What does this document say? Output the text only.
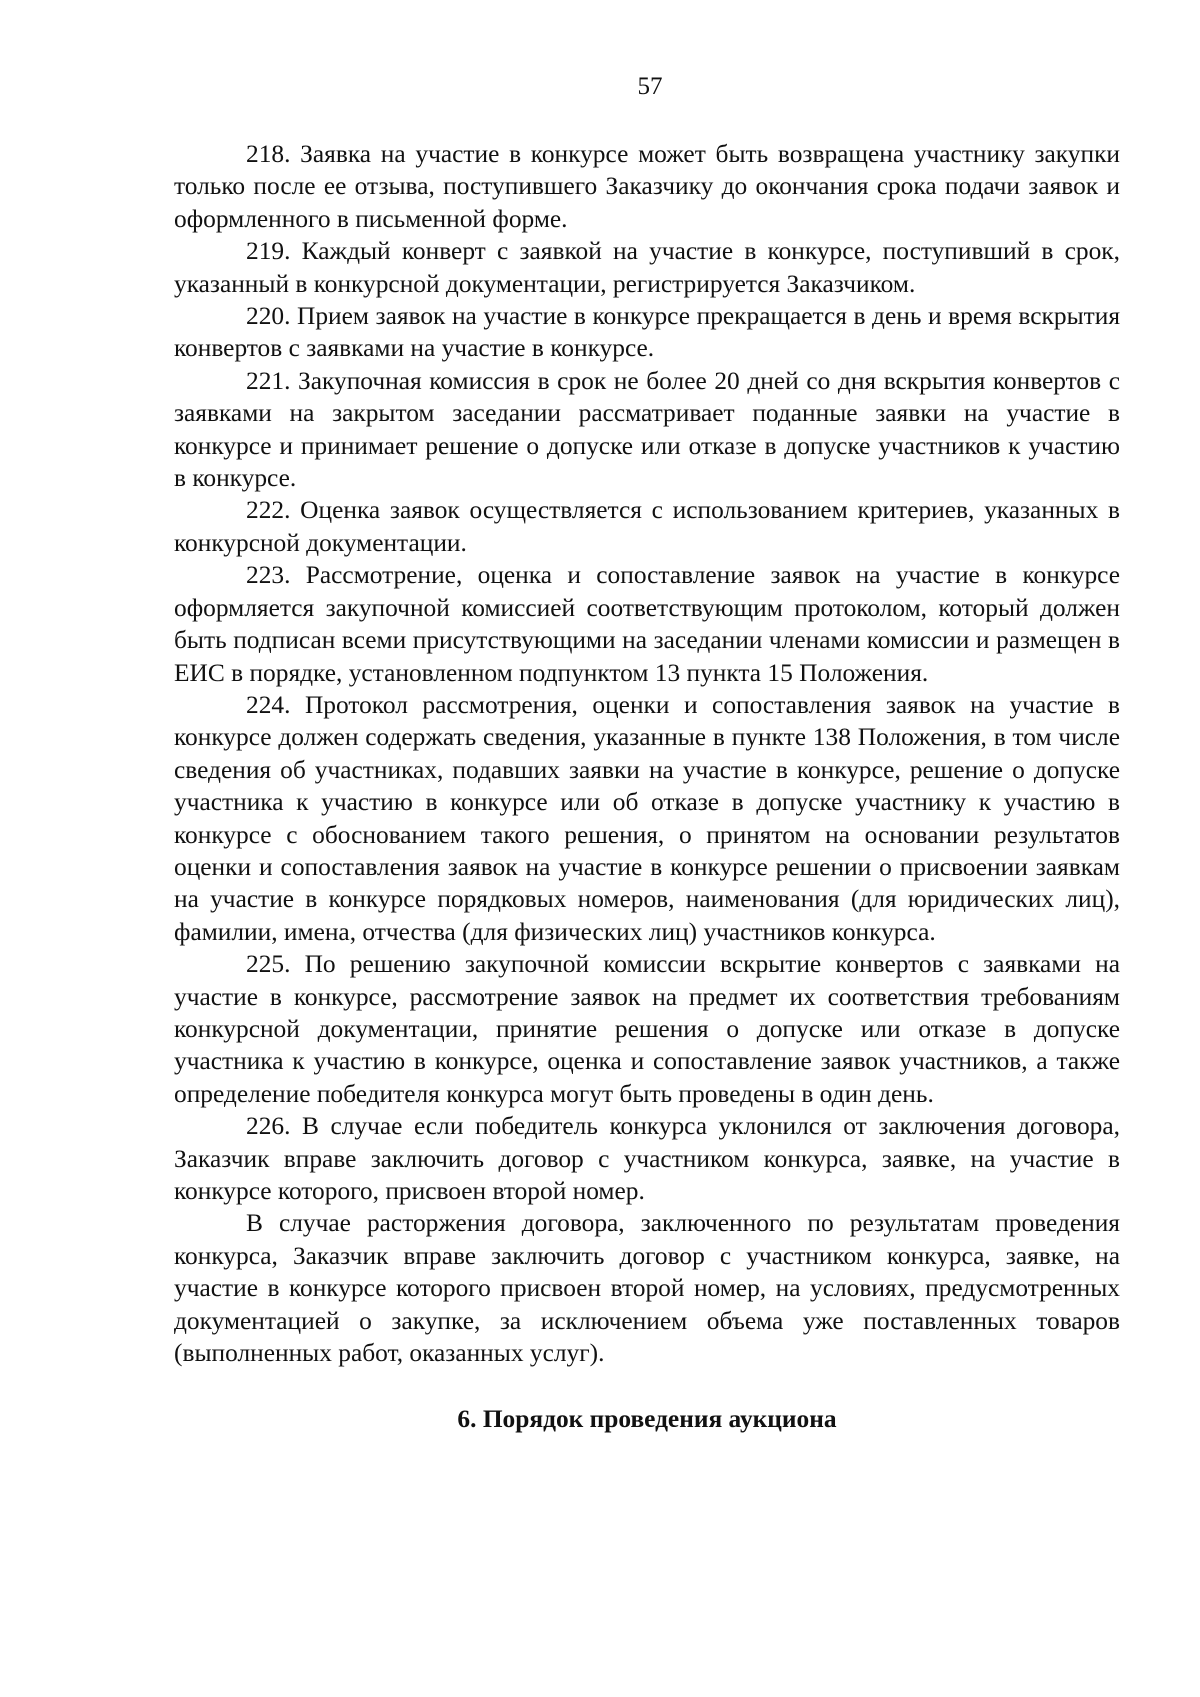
57

218. Заявка на участие в конкурсе может быть возвращена участнику закупки только после ее отзыва, поступившего Заказчику до окончания срока подачи заявок и оформленного в письменной форме.

219. Каждый конверт с заявкой на участие в конкурсе, поступивший в срок, указанный в конкурсной документации, регистрируется Заказчиком.

220. Прием заявок на участие в конкурсе прекращается в день и время вскрытия конвертов с заявками на участие в конкурсе.

221. Закупочная комиссия в срок не более 20 дней со дня вскрытия конвертов с заявками на закрытом заседании рассматривает поданные заявки на участие в конкурсе и принимает решение о допуске или отказе в допуске участников к участию в конкурсе.

222. Оценка заявок осуществляется с использованием критериев, указанных в конкурсной документации.

223. Рассмотрение, оценка и сопоставление заявок на участие в конкурсе оформляется закупочной комиссией соответствующим протоколом, который должен быть подписан всеми присутствующими на заседании членами комиссии и размещен в ЕИС в порядке, установленном подпунктом 13 пункта 15 Положения.

224. Протокол рассмотрения, оценки и сопоставления заявок на участие в конкурсе должен содержать сведения, указанные в пункте 138 Положения, в том числе сведения об участниках, подавших заявки на участие в конкурсе, решение о допуске участника к участию в конкурсе или об отказе в допуске участнику к участию в конкурсе с обоснованием такого решения, о принятом на основании результатов оценки и сопоставления заявок на участие в конкурсе решении о присвоении заявкам на участие в конкурсе порядковых номеров, наименования (для юридических лиц), фамилии, имена, отчества (для физических лиц) участников конкурса.

225. По решению закупочной комиссии вскрытие конвертов с заявками на участие в конкурсе, рассмотрение заявок на предмет их соответствия требованиям конкурсной документации, принятие решения о допуске или отказе в допуске участника к участию в конкурсе, оценка и сопоставление заявок участников, а также определение победителя конкурса могут быть проведены в один день.

226. В случае если победитель конкурса уклонился от заключения договора, Заказчик вправе заключить договор с участником конкурса, заявке, на участие в конкурсе которого, присвоен второй номер.

В случае расторжения договора, заключенного по результатам проведения конкурса, Заказчик вправе заключить договор с участником конкурса, заявке, на участие в конкурсе которого присвоен второй номер, на условиях, предусмотренных документацией о закупке, за исключением объема уже поставленных товаров (выполненных работ, оказанных услуг).

6. Порядок проведения аукциона
